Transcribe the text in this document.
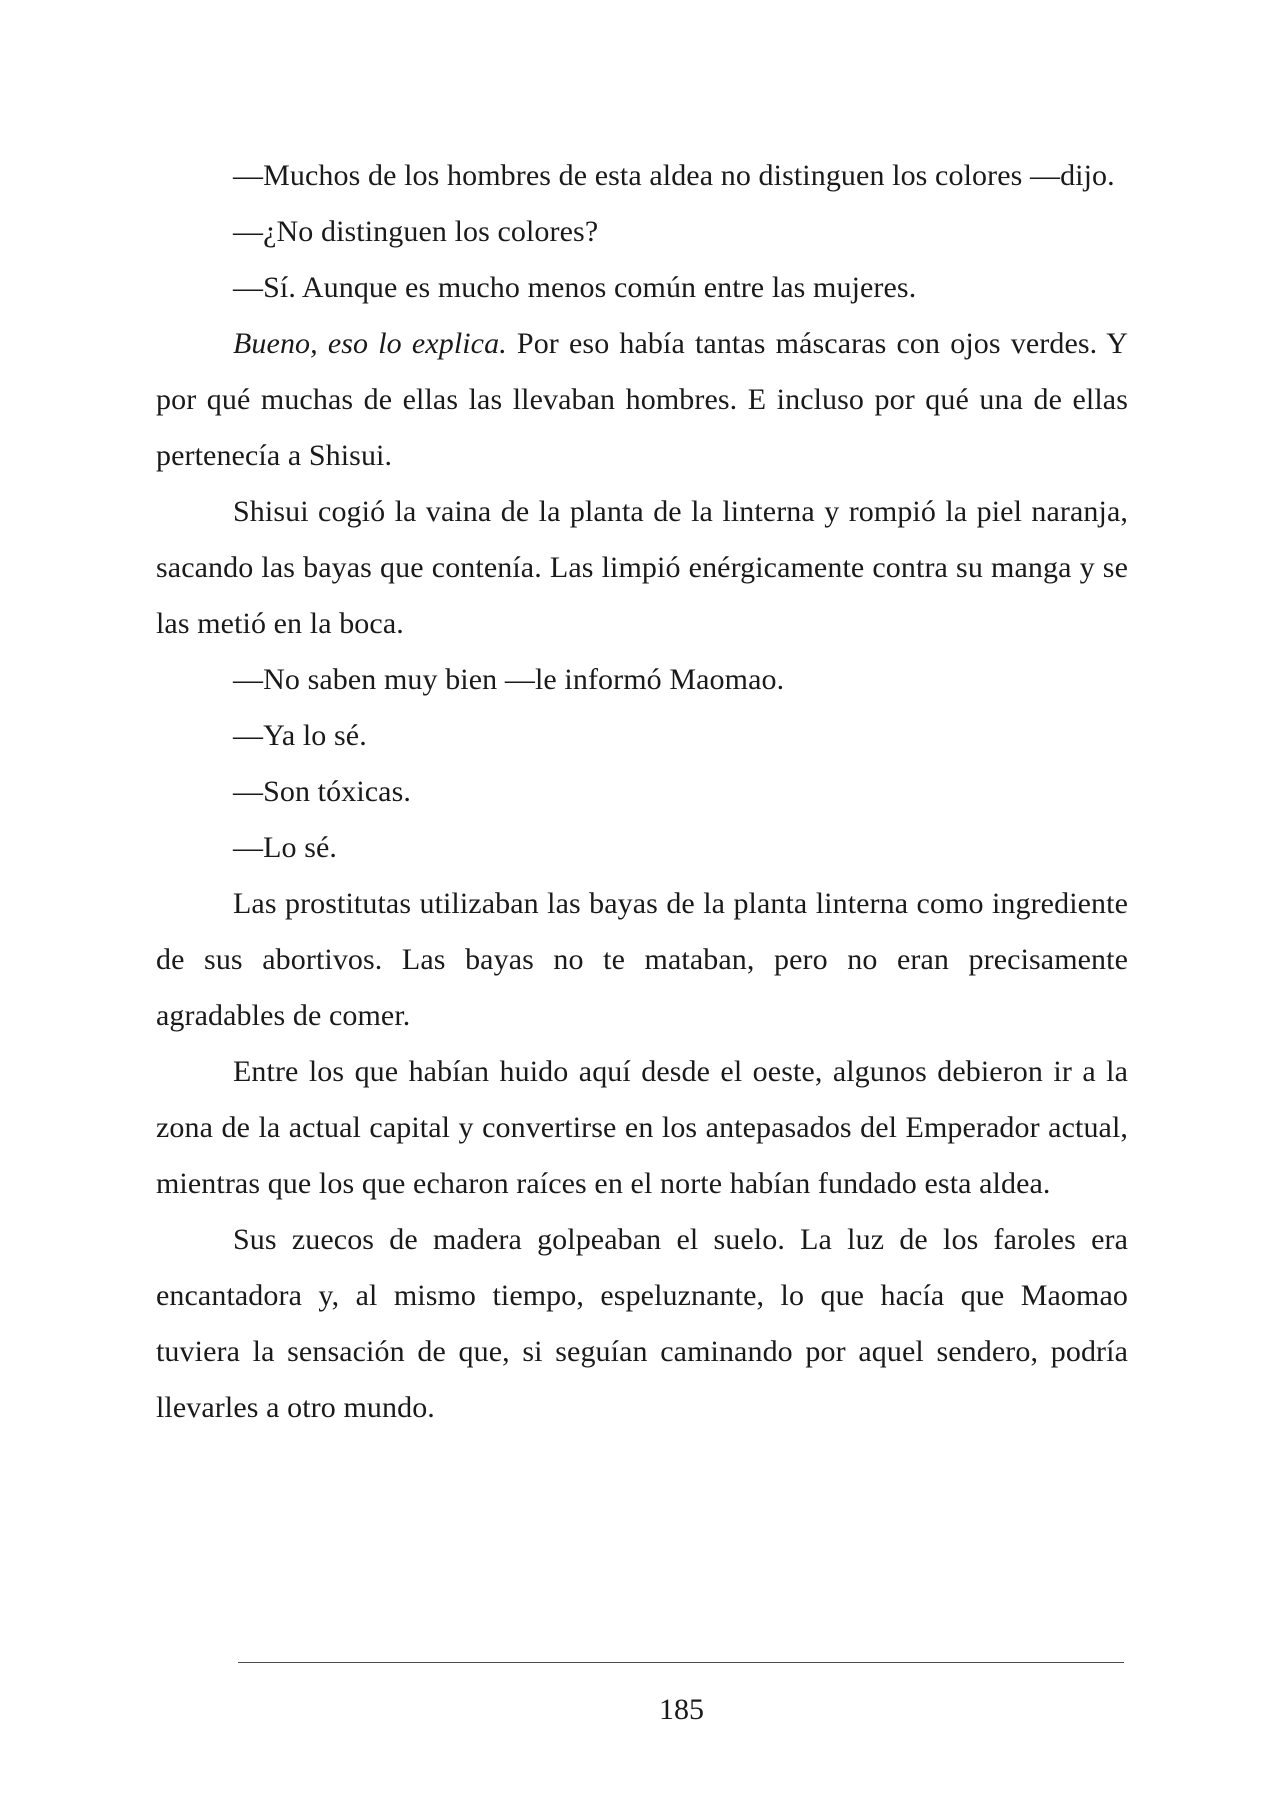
—Muchos de los hombres de esta aldea no distinguen los colores —dijo.

—¿No distinguen los colores?

—Sí. Aunque es mucho menos común entre las mujeres.

Bueno, eso lo explica. Por eso había tantas máscaras con ojos verdes. Y por qué muchas de ellas las llevaban hombres. E incluso por qué una de ellas pertenecía a Shisui.

Shisui cogió la vaina de la planta de la linterna y rompió la piel naranja, sacando las bayas que contenía. Las limpió enérgicamente contra su manga y se las metió en la boca.

—No saben muy bien —le informó Maomao.

—Ya lo sé.

—Son tóxicas.

—Lo sé.

Las prostitutas utilizaban las bayas de la planta linterna como ingrediente de sus abortivos. Las bayas no te mataban, pero no eran precisamente agradables de comer.

Entre los que habían huido aquí desde el oeste, algunos debieron ir a la zona de la actual capital y convertirse en los antepasados del Emperador actual, mientras que los que echaron raíces en el norte habían fundado esta aldea.

Sus zuecos de madera golpeaban el suelo. La luz de los faroles era encantadora y, al mismo tiempo, espeluznante, lo que hacía que Maomao tuviera la sensación de que, si seguían caminando por aquel sendero, podría llevarles a otro mundo.

185
